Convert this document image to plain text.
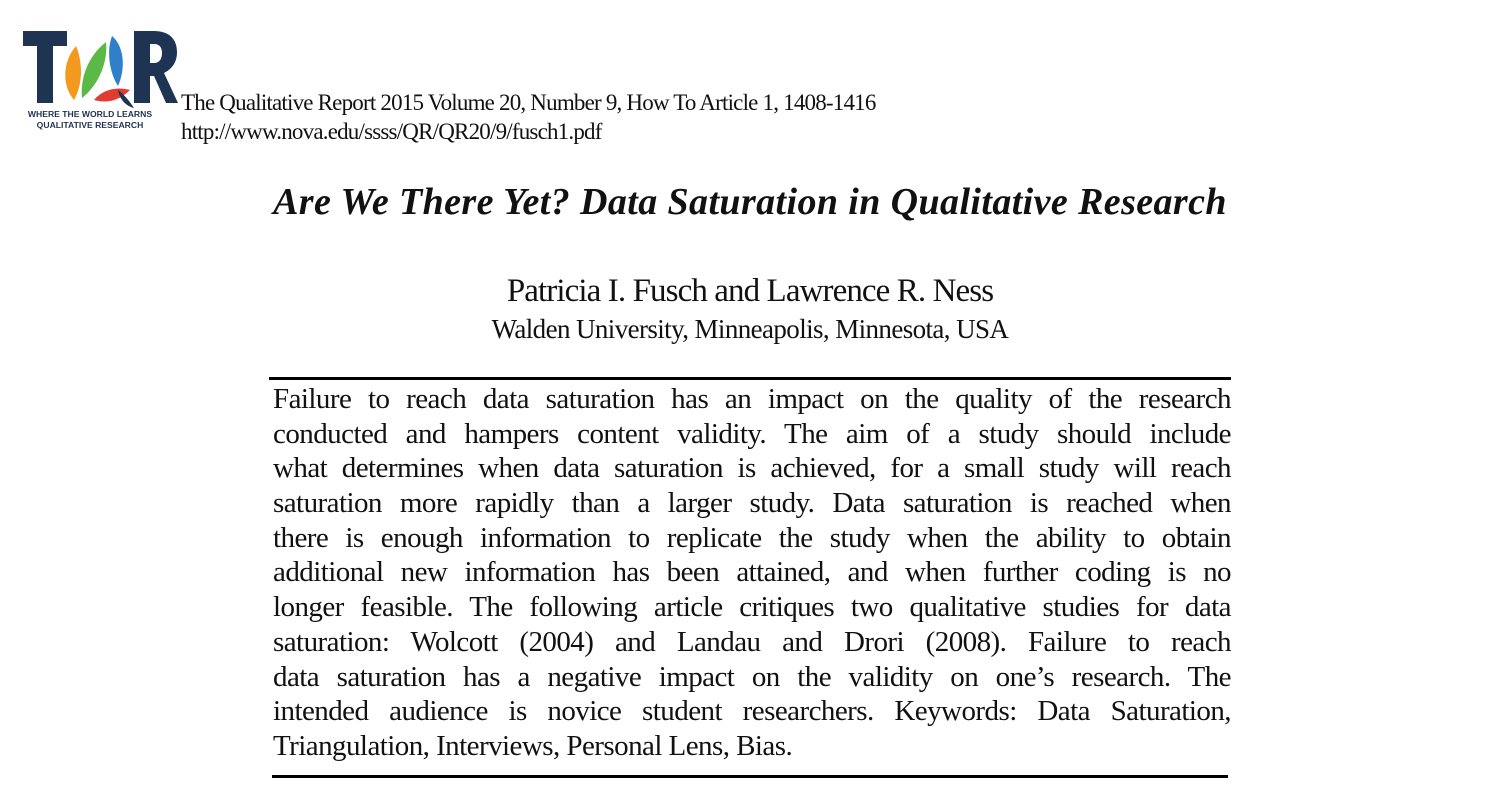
WHERE THE WORLD LEARNS
QUALITATIVE RESEARCH
The Qualitative Report 2015 Volume 20, Number 9, How To Article 1, 1408-1416
http://www.nova.edu/ssss/QR/QR20/9/fusch1.pdf
Are We There Yet? Data Saturation in Qualitative Research
Patricia I. Fusch and Lawrence R. Ness
Walden University, Minneapolis, Minnesota, USA
Failure to reach data saturation has an impact on the quality of the research
conducted and hampers content validity. The aim of a study should include
what determines when data saturation is achieved, for a small study will reach
saturation more rapidly than a larger study. Data saturation is reached when
there is enough information to replicate the study when the ability to obtain
additional new information has been attained, and when further coding is no
longer feasible. The following article critiques two qualitative studies for data
saturation: Wolcott (2004) and Landau and Drori (2008). Failure to reach
data saturation has a negative impact on the validity on one’s research. The
intended audience is novice student researchers. Keywords: Data Saturation,
Triangulation, Interviews, Personal Lens, Bias.
